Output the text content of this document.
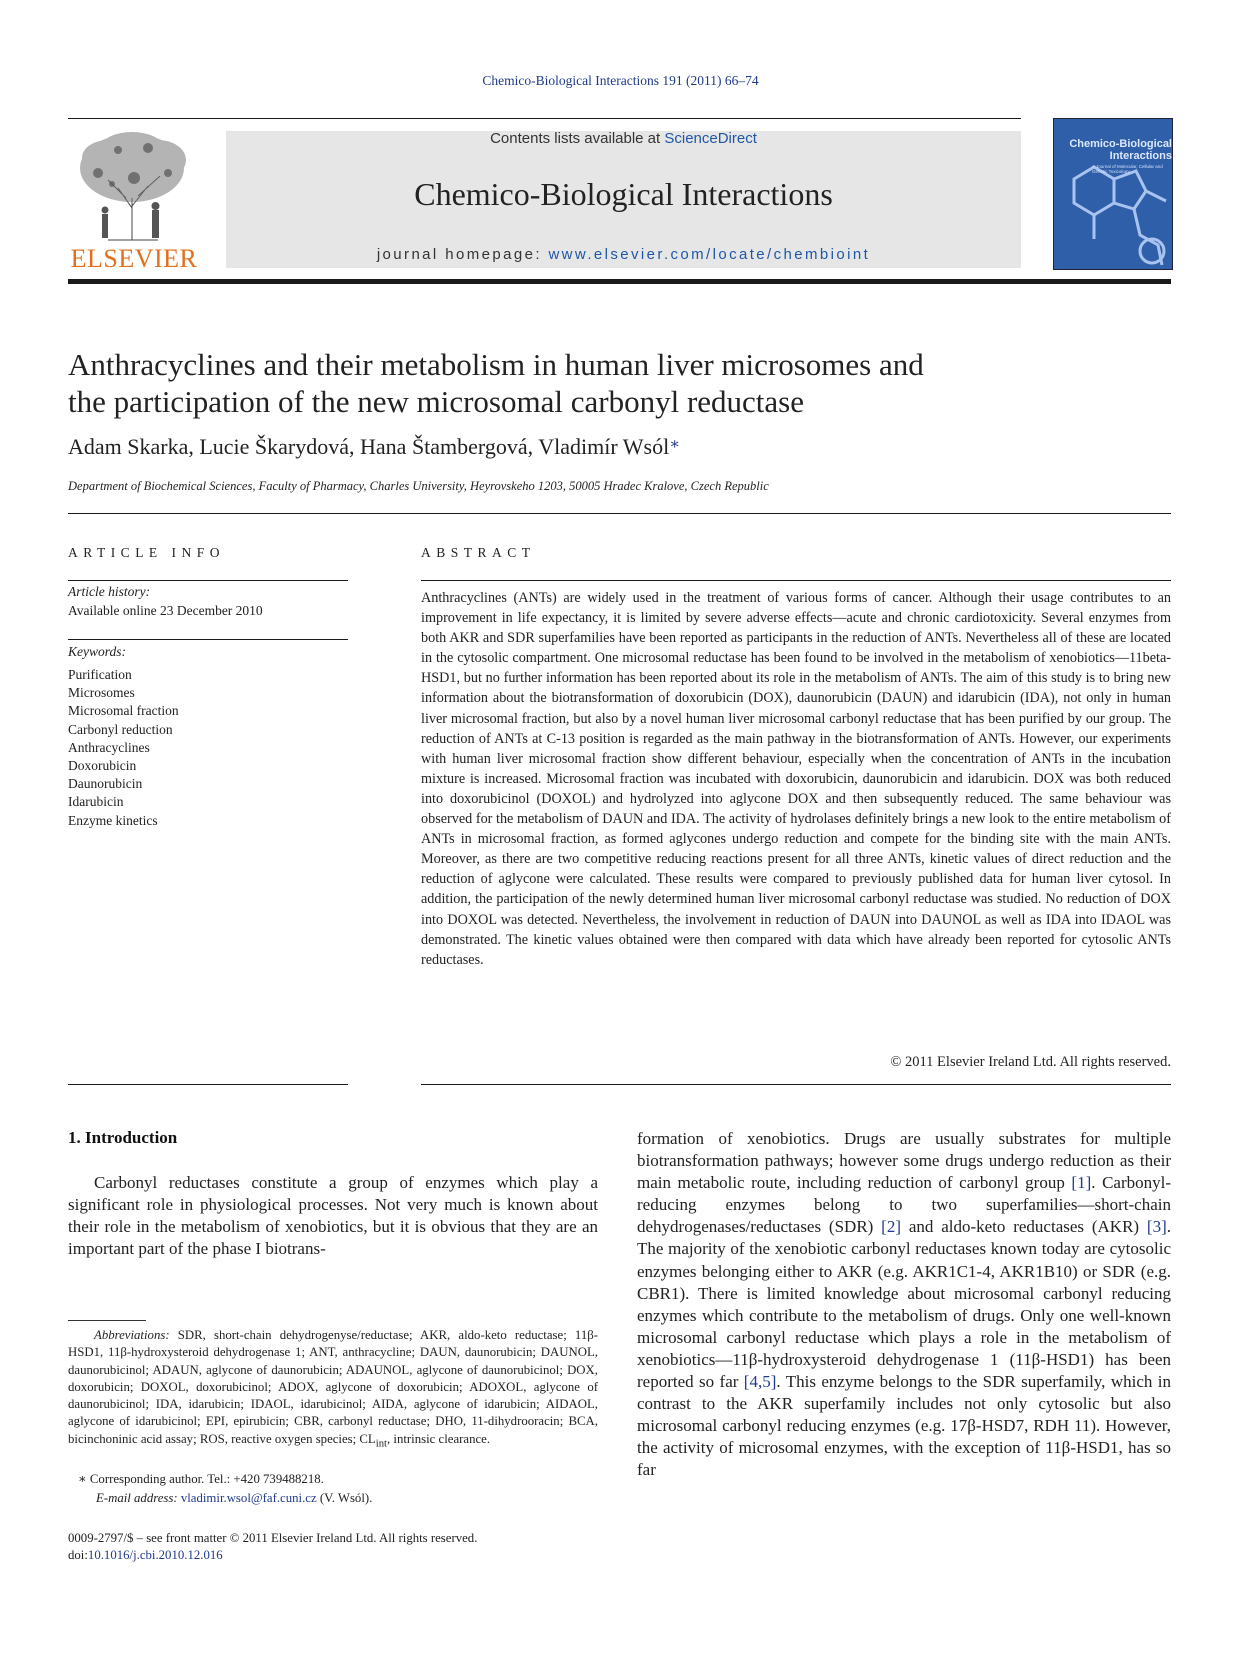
Chemico-Biological Interactions 191 (2011) 66–74
Contents lists available at ScienceDirect
Chemico-Biological Interactions
journal homepage: www.elsevier.com/locate/chembioint
ELSEVIER
Chemico-Biological Interactions
A Journal of Molecular, Cellular and Genetic Toxicology
Anthracyclines and their metabolism in human liver microsomes and
the participation of the new microsomal carbonyl reductase
Adam Skarka, Lucie Škarydová, Hana Štambergová, Vladimír Wsól∗
Department of Biochemical Sciences, Faculty of Pharmacy, Charles University, Heyrovskeho 1203, 50005 Hradec Kralove, Czech Republic
ARTICLE INFO
Article history:
Available online 23 December 2010
Keywords:
Purification
Microsomes
Microsomal fraction
Carbonyl reduction
Anthracyclines
Doxorubicin
Daunorubicin
Idarubicin
Enzyme kinetics
ABSTRACT
Anthracyclines (ANTs) are widely used in the treatment of various forms of cancer. Although their usage contributes to an improvement in life expectancy, it is limited by severe adverse effects—acute and chronic cardiotoxicity. Several enzymes from both AKR and SDR superfamilies have been reported as participants in the reduction of ANTs. Nevertheless all of these are located in the cytosolic compartment. One microsomal reductase has been found to be involved in the metabolism of xenobiotics—11beta-HSD1, but no further information has been reported about its role in the metabolism of ANTs. The aim of this study is to bring new information about the biotransformation of doxorubicin (DOX), daunorubicin (DAUN) and idarubicin (IDA), not only in human liver microsomal fraction, but also by a novel human liver microsomal carbonyl reductase that has been purified by our group. The reduction of ANTs at C-13 position is regarded as the main pathway in the biotransformation of ANTs. However, our experiments with human liver microsomal fraction show different behaviour, especially when the concentration of ANTs in the incubation mixture is increased. Microsomal fraction was incubated with doxorubicin, daunorubicin and idarubicin. DOX was both reduced into doxorubicinol (DOXOL) and hydrolyzed into aglycone DOX and then subsequently reduced. The same behaviour was observed for the metabolism of DAUN and IDA. The activity of hydrolases definitely brings a new look to the entire metabolism of ANTs in microsomal fraction, as formed aglycones undergo reduction and compete for the binding site with the main ANTs. Moreover, as there are two competitive reducing reactions present for all three ANTs, kinetic values of direct reduction and the reduction of aglycone were calculated. These results were compared to previously published data for human liver cytosol. In addition, the participation of the newly determined human liver microsomal carbonyl reductase was studied. No reduction of DOX into DOXOL was detected. Nevertheless, the involvement in reduction of DAUN into DAUNOL as well as IDA into IDAOL was demonstrated. The kinetic values obtained were then compared with data which have already been reported for cytosolic ANTs reductases.
© 2011 Elsevier Ireland Ltd. All rights reserved.
1. Introduction
Carbonyl reductases constitute a group of enzymes which play a significant role in physiological processes. Not very much is known about their role in the metabolism of xenobiotics, but it is obvious that they are an important part of the phase I biotrans-
formation of xenobiotics. Drugs are usually substrates for multiple biotransformation pathways; however some drugs undergo reduction as their main metabolic route, including reduction of carbonyl group [1]. Carbonyl-reducing enzymes belong to two superfamilies—short-chain dehydrogenases/reductases (SDR) [2] and aldo-keto reductases (AKR) [3]. The majority of the xenobiotic carbonyl reductases known today are cytosolic enzymes belonging either to AKR (e.g. AKR1C1-4, AKR1B10) or SDR (e.g. CBR1). There is limited knowledge about microsomal carbonyl reducing enzymes which contribute to the metabolism of drugs. Only one well-known microsomal carbonyl reductase which plays a role in the metabolism of xenobiotics—11β-hydroxysteroid dehydrogenase 1 (11β-HSD1) has been reported so far [4,5]. This enzyme belongs to the SDR superfamily, which in contrast to the AKR superfamily includes not only cytosolic but also microsomal carbonyl reducing enzymes (e.g. 17β-HSD7, RDH 11). However, the activity of microsomal enzymes, with the exception of 11β-HSD1, has so far
Abbreviations: SDR, short-chain dehydrogenyse/reductase; AKR, aldo-keto reductase; 11β-HSD1, 11β-hydroxysteroid dehydrogenase 1; ANT, anthracycline; DAUN, daunorubicin; DAUNOL, daunorubicinol; ADAUN, aglycone of daunorubicin; ADAUNOL, aglycone of daunorubicinol; DOX, doxorubicin; DOXOL, doxorubicinol; ADOX, aglycone of doxorubicin; ADOXOL, aglycone of daunorubicinol; IDA, idarubicin; IDAOL, idarubicinol; AIDA, aglycone of idarubicin; AIDAOL, aglycone of idarubicinol; EPI, epirubicin; CBR, carbonyl reductase; DHO, 11-dihydrooracin; BCA, bicinchoninic acid assay; ROS, reactive oxygen species; $CL_{int}$, intrinsic clearance.
∗ Corresponding author. Tel.: +420 739488218.
E-mail address: vladimir.wsol@faf.cuni.cz (V. Wsól).
0009-2797/$ – see front matter © 2011 Elsevier Ireland Ltd. All rights reserved.
doi:10.1016/j.cbi.2010.12.016
